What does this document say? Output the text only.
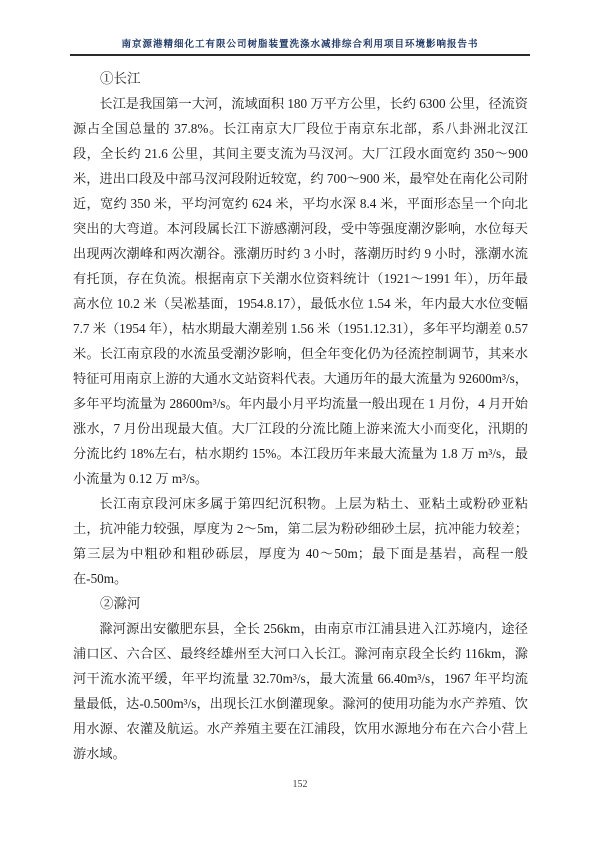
南京源港精细化工有限公司树脂装置洗涤水减排综合利用项目环境影响报告书

①长江

长江是我国第一大河，流域面积 180 万平方公里，长约 6300 公里，径流资源占全国总量的 37.8%。长江南京大厂段位于南京东北部，系八卦洲北汊江段，全长约 21.6 公里，其间主要支流为马汊河。大厂江段水面宽约 350～900 米，进出口段及中部马汊河段附近较宽，约 700～900 米，最窄处在南化公司附近，宽约 350 米，平均河宽约 624 米，平均水深 8.4 米，平面形态呈一个向北突出的大弯道。本河段属长江下游感潮河段，受中等强度潮汐影响，水位每天出现两次潮峰和两次潮谷。涨潮历时约 3 小时，落潮历时约 9 小时，涨潮水流有托顶，存在负流。根据南京下关潮水位资料统计（1921～1991 年），历年最高水位 10.2 米（吴凇基面，1954.8.17），最低水位 1.54 米，年内最大水位变幅 7.7 米（1954 年），枯水期最大潮差别 1.56 米（1951.12.31），多年平均潮差 0.57 米。长江南京段的水流虽受潮汐影响，但全年变化仍为径流控制调节，其来水特征可用南京上游的大通水文站资料代表。大通历年的最大流量为 92600m³/s，多年平均流量为 28600m³/s。年内最小月平均流量一般出现在 1 月份，4 月开始涨水，7 月份出现最大值。大厂江段的分流比随上游来流大小而变化，汛期的分流比约 18%左右，枯水期约 15%。本江段历年来最大流量为 1.8 万 m³/s，最小流量为 0.12 万 m³/s。

长江南京段河床多属于第四纪沉积物。上层为粘土、亚粘土或粉砂亚粘土，抗冲能力较强，厚度为 2～5m，第二层为粉砂细砂土层，抗冲能力较差；第三层为中粗砂和粗砂砾层，厚度为 40～50m；最下面是基岩，高程一般在-50m。

②滁河

滁河源出安徽肥东县，全长 256km，由南京市江浦县进入江苏境内，途径浦口区、六合区、最终经雄州至大河口入长江。滁河南京段全长约 116km，滁河干流水流平缓，年平均流量 32.70m³/s，最大流量 66.40m³/s，1967 年平均流量最低，达-0.500m³/s，出现长江水倒灌现象。滁河的使用功能为水产养殖、饮用水源、农灌及航运。水产养殖主要在江浦段，饮用水源地分布在六合小营上游水域。

152
